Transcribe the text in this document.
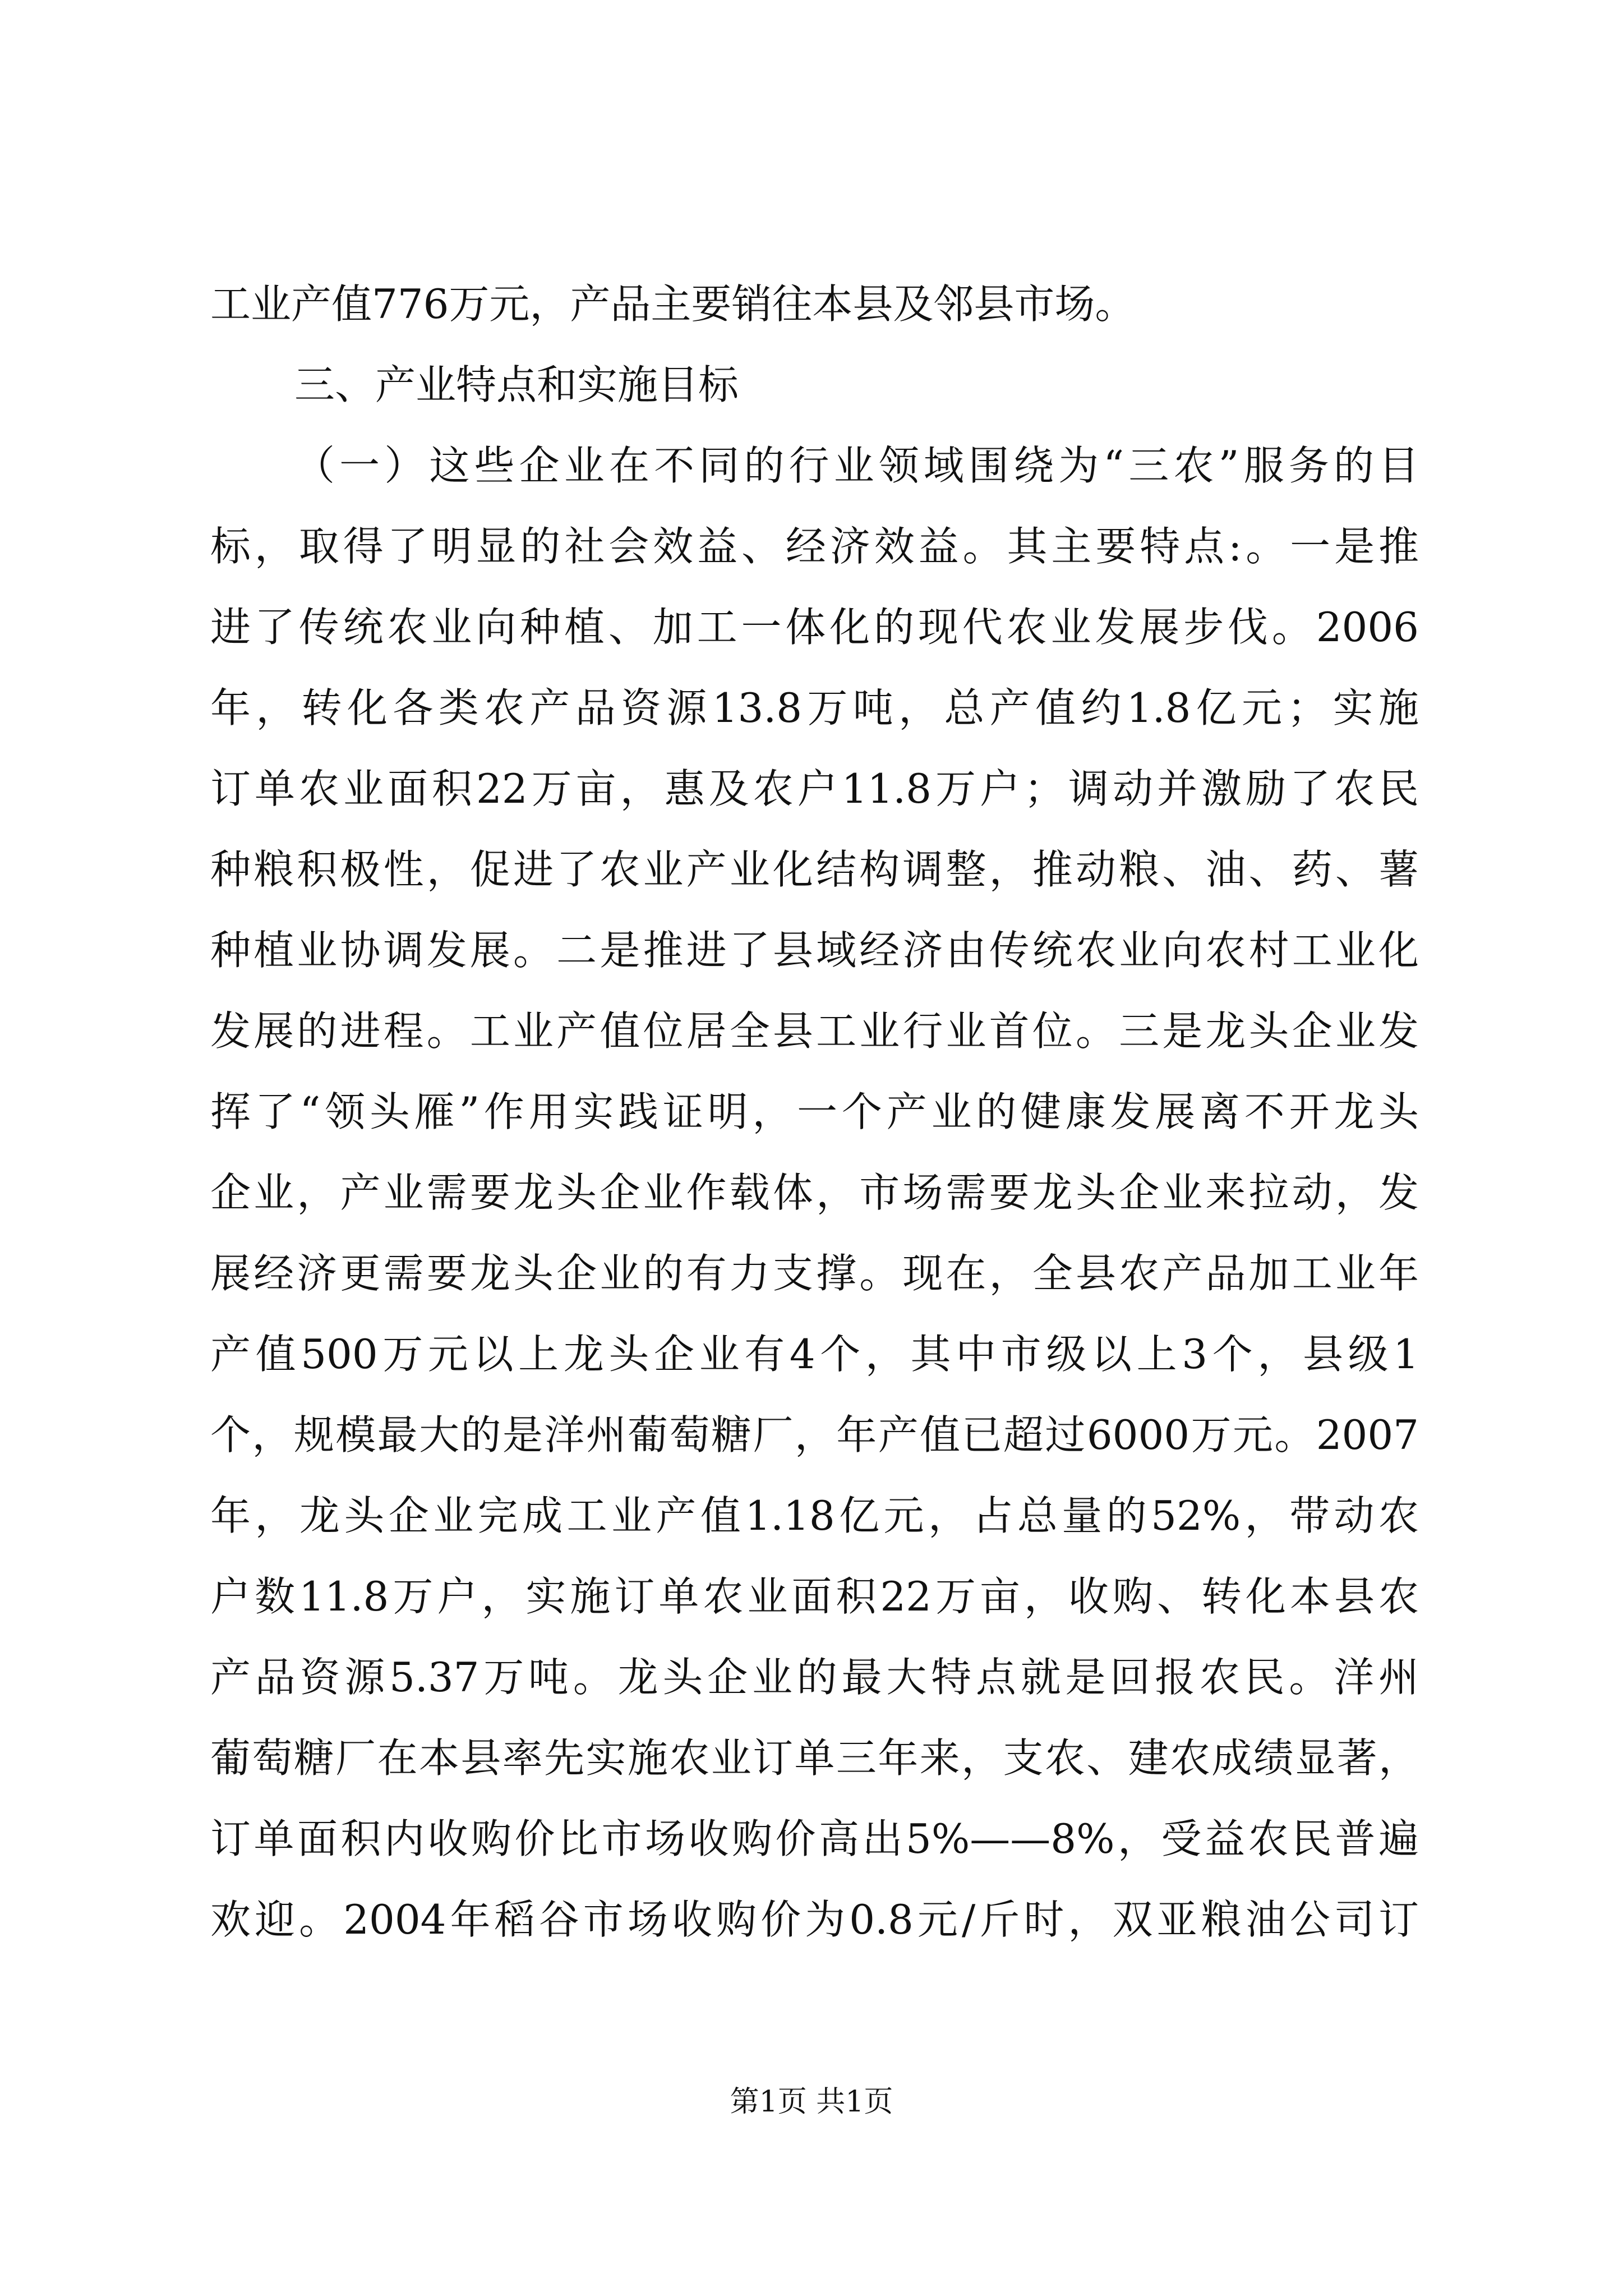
工业产值776万元，产品主要销往本县及邻县市场。
三、产业特点和实施目标
（一）这些企业在不同的行业领域围绕为“三农”服务的目
标，取得了明显的社会效益、经济效益。其主要特点:。一是推
进了传统农业向种植、加工一体化的现代农业发展步伐。2006
年，转化各类农产品资源13.8万吨，总产值约1.8亿元；实施
订单农业面积22万亩，惠及农户11.8万户；调动并激励了农民
种粮积极性，促进了农业产业化结构调整，推动粮、油、药、薯
种植业协调发展。二是推进了县域经济由传统农业向农村工业化
发展的进程。工业产值位居全县工业行业首位。三是龙头企业发
挥了“领头雁”作用实践证明，一个产业的健康发展离不开龙头
企业，产业需要龙头企业作载体，市场需要龙头企业来拉动，发
展经济更需要龙头企业的有力支撑。现在，全县农产品加工业年
产值500万元以上龙头企业有4个，其中市级以上3个，县级1
个，规模最大的是洋州葡萄糖厂，年产值已超过6000万元。2007
年，龙头企业完成工业产值1.18亿元，占总量的52%，带动农
户数11.8万户，实施订单农业面积22万亩，收购、转化本县农
产品资源5.37万吨。龙头企业的最大特点就是回报农民。洋州
葡萄糖厂在本县率先实施农业订单三年来，支农、建农成绩显著，
订单面积内收购价比市场收购价高出5%——8%，受益农民普遍
欢迎。2004年稻谷市场收购价为0.8元/斤时，双亚粮油公司订
第1页 共1页
